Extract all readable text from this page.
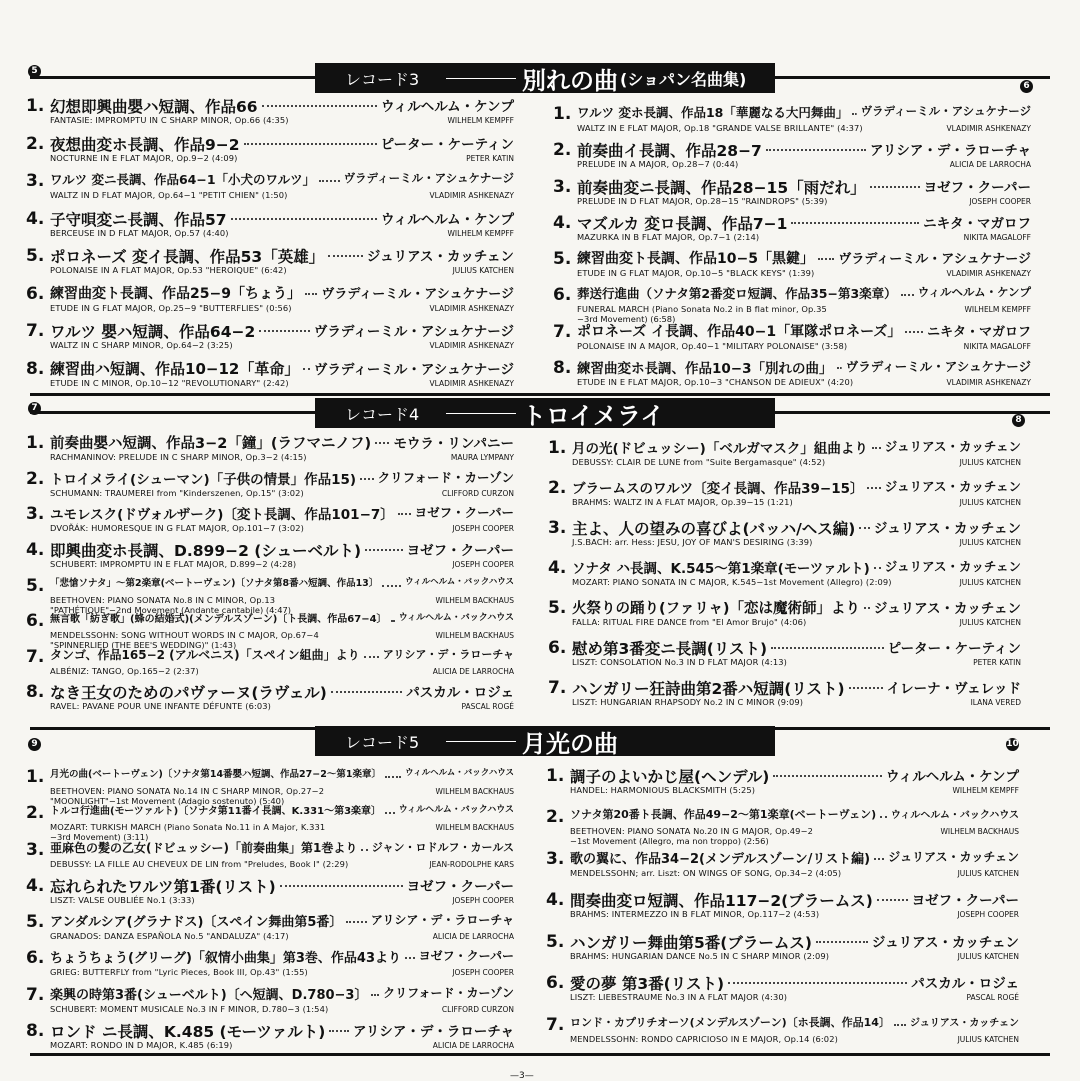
レコード3	別れの曲 (ショパン名曲集)
5
6
1. 幻想即興曲嬰ハ短調、作品66	ウィルヘルム・ケンプ
FANTASIE: IMPROMPTU IN C SHARP MINOR, Op.66 (4:35)	WILHELM KEMPFF
2. 夜想曲変ホ長調、作品9−2	ピーター・ケーティン
NOCTURNE IN E FLAT MAJOR, Op.9−2 (4:09)	PETER KATIN
3. ワルツ 変ニ長調、作品64−1「小犬のワルツ」 ヴラディーミル・アシュケナージ
WALTZ IN D FLAT MAJOR, Op.64−1 "PETIT CHIEN" (1:50)	VLADIMIR ASHKENAZY
4. 子守唄変ニ長調、作品57	ウィルヘルム・ケンプ
BERCEUSE IN D FLAT MAJOR, Op.57 (4:40)	WILHELM KEMPFF
5. ポロネーズ 変イ長調、作品53「英雄」	ジュリアス・カッチェン
POLONAISE IN A FLAT MAJOR, Op.53 "HEROIQUE" (6:42)	JULIUS KATCHEN
6. 練習曲変ト長調、作品25−9「ちょう」 ヴラディーミル・アシュケナージ
ETUDE IN G FLAT MAJOR, Op.25−9 "BUTTERFLIES" (0:56)	VLADIMIR ASHKENAZY
7. ワルツ 嬰ハ短調、作品64−2	ヴラディーミル・アシュケナージ
WALTZ IN C SHARP MINOR, Op.64−2 (3:25)	VLADIMIR ASHKENAZY
8. 練習曲ハ短調、作品10−12「革命」 ヴラディーミル・アシュケナージ
ETUDE IN C MINOR, Op.10−12 "REVOLUTIONARY" (2:42)	VLADIMIR ASHKENAZY
1. ワルツ 変ホ長調、作品18「華麗なる大円舞曲」 ヴラディーミル・アシュケナージ
WALTZ IN E FLAT MAJOR, Op.18 "GRANDE VALSE BRILLANTE" (4:37)	VLADIMIR ASHKENAZY
2. 前奏曲イ長調、作品28−7	アリシア・デ・ラローチャ
PRELUDE IN A MAJOR, Op.28−7 (0:44)	ALICIA DE LARROCHA
3. 前奏曲変ニ長調、作品28−15「雨だれ」	ヨゼフ・クーパー
PRELUDE IN D FLAT MAJOR, Op.28−15 "RAINDROPS" (5:39)	JOSEPH COOPER
4. マズルカ 変ロ長調、作品7−1	ニキタ・マガロフ
MAZURKA IN B FLAT MAJOR, Op.7−1 (2:14)	NIKITA MAGALOFF
5. 練習曲変ト長調、作品10−5「黒鍵」 ヴラディーミル・アシュケナージ
ETUDE IN G FLAT MAJOR, Op.10−5 "BLACK KEYS" (1:39)	VLADIMIR ASHKENAZY
6. 葬送行進曲（ソナタ第2番変ロ短調、作品35−第3楽章） ウィルヘルム・ケンプ
FUNERAL MARCH (Piano Sonata No.2 in B flat minor, Op.35
−3rd Movement) (6:58)
WILHELM KEMPFF
7. ポロネーズ イ長調、作品40−1「軍隊ポロネーズ」 ニキタ・マガロフ
POLONAISE IN A MAJOR, Op.40−1 "MILITARY POLONAISE" (3:58)	NIKITA MAGALOFF
8. 練習曲変ホ長調、作品10−3「別れの曲」 ヴラディーミル・アシュケナージ
ETUDE IN E FLAT MAJOR, Op.10−3 "CHANSON DE ADIEUX" (4:20)	VLADIMIR ASHKENAZY
レコード4	トロイメライ
7
8
1. 前奏曲嬰ハ短調、作品3−2「鐘」(ラフマニノフ) モウラ・リンパニー
RACHMANINOV: PRELUDE IN C SHARP MINOR, Op.3−2 (4:15)	MAURA LYMPANY
2. トロイメライ(シューマン)「子供の情景」作品15) クリフォード・カーゾン
SCHUMANN: TRAUMEREI from "Kinderszenen, Op.15" (3:02)	CLIFFORD CURZON
3. ユモレスク(ドヴォルザーク)〔変ト長調、作品101−7〕 ヨゼフ・クーパー
DVOŘÁK: HUMORESQUE IN G FLAT MAJOR, Op.101−7 (3:02)	JOSEPH COOPER
4. 即興曲変ホ長調、D.899−2 (シューベルト)	ヨゼフ・クーパー
SCHUBERT: IMPROMPTU IN E FLAT MAJOR, D.899−2 (4:28)	JOSEPH COOPER
5. 「悲愴ソナタ」〜第2楽章(ベートーヴェン)〔ソナタ第8番ハ短調、作品13〕	ウィルヘルム・バックハウス
BEETHOVEN: PIANO SONATA No.8 IN C MINOR, Op.13
"PATHÉTIQUE"−2nd Movement (Andante cantabile) (4:47)
WILHELM BACKHAUS
6. 無言歌「紡ぎ歌」(蜂の結婚式)(メンデルスゾーン)〔ト長調、作品67−4〕 ウィルヘルム・バックハウス
MENDELSSOHN: SONG WITHOUT WORDS IN C MAJOR, Op.67−4
"SPINNERLIED (THE BEE'S WEDDING)" (1:43)
WILHELM BACKHAUS
7. タンゴ、作品165−2 (アルベニス)「スペイン組曲」より アリシア・デ・ラローチャ
ALBÉNIZ: TANGO, Op.165−2 (2:37)	ALICIA DE LARROCHA
8. なき王女のためのパヴァーヌ(ラヴェル)	パスカル・ロジェ
RAVEL: PAVANE POUR UNE INFANTE DÉFUNTE (6:03)	PASCAL ROGÉ
1. 月の光(ドビュッシー)「ベルガマスク」組曲より ジュリアス・カッチェン
DEBUSSY: CLAIR DE LUNE from "Suite Bergamasque" (4:52)	JULIUS KATCHEN
2. ブラームスのワルツ〔変イ長調、作品39−15〕 ジュリアス・カッチェン
BRAHMS: WALTZ IN A FLAT MAJOR, Op.39−15 (1:21)	JULIUS KATCHEN
3. 主よ、人の望みの喜びよ(バッハ/ヘス編) ジュリアス・カッチェン
J.S.BACH: arr. Hess: JESU, JOY OF MAN'S DESIRING (3:39)	JULIUS KATCHEN
4. ソナタ ハ長調、K.545〜第1楽章(モーツァルト) ジュリアス・カッチェン
MOZART: PIANO SONATA IN C MAJOR, K.545−1st Movement (Allegro) (2:09)	JULIUS KATCHEN
5. 火祭りの踊り(ファリャ)「恋は魔術師」より ジュリアス・カッチェン
FALLA: RITUAL FIRE DANCE from "El Amor Brujo" (4:06)	JULIUS KATCHEN
6. 慰め第3番変ニ長調(リスト)	ピーター・ケーティン
LISZT: CONSOLATION No.3 IN D FLAT MAJOR (4:13)	PETER KATIN
7. ハンガリー狂詩曲第2番ハ短調(リスト)	イレーナ・ヴェレッド
LISZT: HUNGARIAN RHAPSODY No.2 IN C MINOR (9:09)	ILANA VERED
レコード5	月光の曲
9	10
1. 月光の曲(ベートーヴェン)〔ソナタ第14番嬰ハ短調、作品27−2〜第1楽章〕	ウィルヘルム・バックハウス
BEETHOVEN: PIANO SONATA No.14 IN C SHARP MINOR, Op.27−2
"MOONLIGHT"−1st Movement (Adagio sostenuto) (5:40)
WILHELM BACKHAUS
2. トルコ行進曲(モーツァルト)〔ソナタ第11番イ長調、K.331〜第3楽章〕 ウィルヘルム・バックハウス
MOZART: TURKISH MARCH (Piano Sonata No.11 in A Major, K.331
−3rd Movement) (3:11)
WILHELM BACKHAUS
3. 亜麻色の髪の乙女(ドビュッシー)「前奏曲集」第1巻より ジャン・ロドルフ・カールス
DEBUSSY: LA FILLE AU CHEVEUX DE LIN from "Preludes, Book I" (2:29)	JEAN-RODOLPHE KARS
4. 忘れられたワルツ第1番(リスト)	ヨゼフ・クーパー
LISZT: VALSE OUBLIÉE No.1 (3:33)	JOSEPH COOPER
5. アンダルシア(グラナドス)〔スペイン舞曲第5番〕 アリシア・デ・ラローチャ
GRANADOS: DANZA ESPAÑOLA No.5 "ANDALUZA" (4:17)	ALICIA DE LARROCHA
6. ちょうちょう(グリーグ)「叙情小曲集」第3巻、作品43より ヨゼフ・クーパー
GRIEG: BUTTERFLY from "Lyric Pieces, Book III, Op.43" (1:55)	JOSEPH COOPER
7. 楽興の時第3番(シューベルト)〔ヘ短調、D.780−3〕 クリフォード・カーゾン
SCHUBERT: MOMENT MUSICALE No.3 IN F MINOR, D.780−3 (1:54)	CLIFFORD CURZON
8. ロンド ニ長調、K.485 (モーツァルト) アリシア・デ・ラローチャ
MOZART: RONDO IN D MAJOR, K.485 (6:19)	ALICIA DE LARROCHA
1. 調子のよいかじ屋(ヘンデル)	ウィルヘルム・ケンプ
HANDEL: HARMONIOUS BLACKSMITH (5:25)	WILHELM KEMPFF
2. ソナタ第20番ト長調、作品49−2〜第1楽章(ベートーヴェン) ウィルヘルム・バックハウス
BEETHOVEN: PIANO SONATA No.20 IN G MAJOR, Op.49−2
−1st Movement (Allegro, ma non troppo) (2:56)
WILHELM BACKHAUS
3. 歌の翼に、作品34−2(メンデルスゾーン/リスト編) ジュリアス・カッチェン
MENDELSSOHN; arr. Liszt: ON WINGS OF SONG, Op.34−2 (4:05)	JULIUS KATCHEN
4. 間奏曲変ロ短調、作品117−2(ブラームス)	ヨゼフ・クーパー
BRAHMS: INTERMEZZO IN B FLAT MINOR, Op.117−2 (4:53)	JOSEPH COOPER
5. ハンガリー舞曲第5番(ブラームス)	ジュリアス・カッチェン
BRAHMS: HUNGARIAN DANCE No.5 IN C SHARP MINOR (2:09)	JULIUS KATCHEN
6. 愛の夢 第3番(リスト)	パスカル・ロジェ
LISZT: LIEBESTRAUME No.3 IN A FLAT MAJOR (4:30)	PASCAL ROGÉ
7. ロンド・カプリチオーソ(メンデルスゾーン)〔ホ長調、作品14〕 ジュリアス・カッチェン
MENDELSSOHN: RONDO CAPRICIOSO IN E MAJOR, Op.14 (6:02)	JULIUS KATCHEN
—3—
